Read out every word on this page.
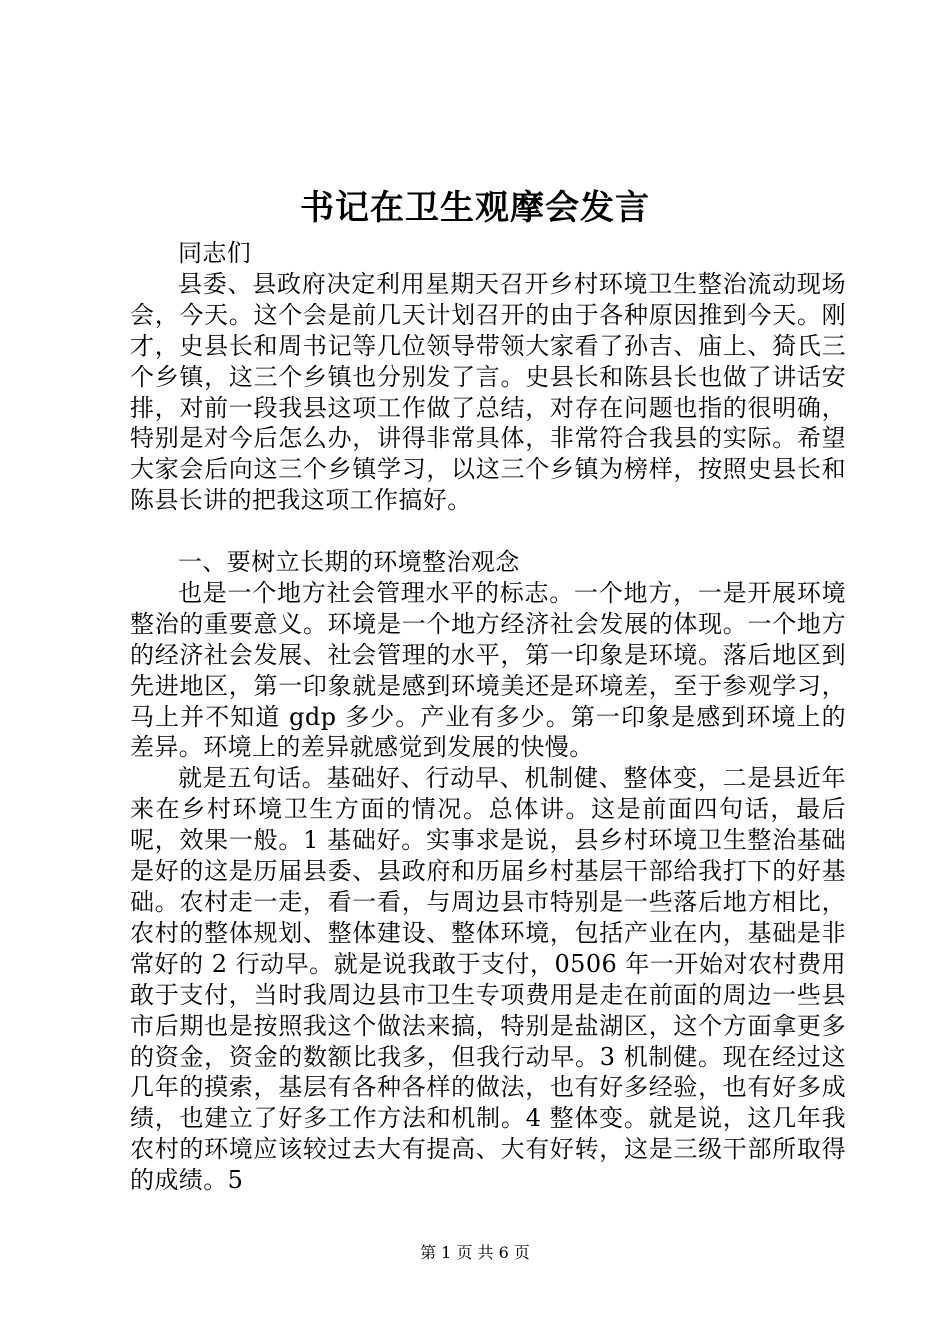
书记在卫生观摩会发言

同志们

县委、县政府决定利用星期天召开乡村环境卫生整治流动现场会，今天。这个会是前几天计划召开的由于各种原因推到今天。刚才，史县长和周书记等几位领导带领大家看了孙吉、庙上、猗氏三个乡镇，这三个乡镇也分别发了言。史县长和陈县长也做了讲话安排，对前一段我县这项工作做了总结，对存在问题也指的很明确，特别是对今后怎么办，讲得非常具体，非常符合我县的实际。希望大家会后向这三个乡镇学习，以这三个乡镇为榜样，按照史县长和陈县长讲的把我这项工作搞好。

一、要树立长期的环境整治观念

也是一个地方社会管理水平的标志。一个地方，一是开展环境整治的重要意义。环境是一个地方经济社会发展的体现。一个地方的经济社会发展、社会管理的水平，第一印象是环境。落后地区到先进地区，第一印象就是感到环境美还是环境差，至于参观学习，马上并不知道 gdp 多少。产业有多少。第一印象是感到环境上的差异。环境上的差异就感觉到发展的快慢。

就是五句话。基础好、行动早、机制健、整体变，二是县近年来在乡村环境卫生方面的情况。总体讲。这是前面四句话，最后呢，效果一般。1 基础好。实事求是说，县乡村环境卫生整治基础是好的这是历届县委、县政府和历届乡村基层干部给我打下的好基础。农村走一走，看一看，与周边县市特别是一些落后地方相比，农村的整体规划、整体建设、整体环境，包括产业在内，基础是非常好的 2 行动早。就是说我敢于支付，0506 年一开始对农村费用敢于支付，当时我周边县市卫生专项费用是走在前面的周边一些县市后期也是按照我这个做法来搞，特别是盐湖区，这个方面拿更多的资金，资金的数额比我多，但我行动早。3 机制健。现在经过这几年的摸索，基层有各种各样的做法，也有好多经验，也有好多成绩，也建立了好多工作方法和机制。4 整体变。就是说，这几年我农村的环境应该较过去大有提高、大有好转，这是三级干部所取得的成绩。5

第 1 页 共 6 页
